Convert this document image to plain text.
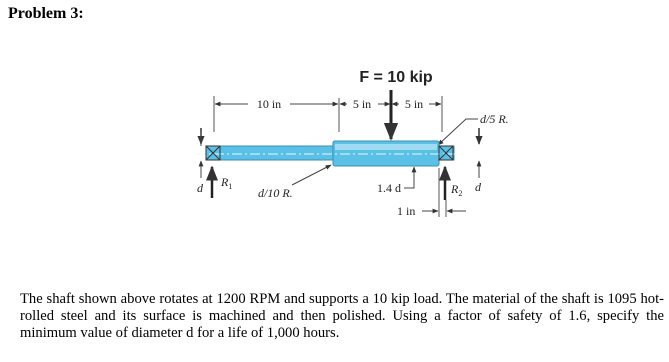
Problem 3:
F = 10 kip
10 in	5 in	5 in
d/5 R.
$R_1$	$R_2$
d	d
d/10 R.	1.4 d
1 in

The shaft shown above rotates at 1200 RPM and supports a 10 kip load. The material of the shaft is 1095 hot-rolled steel and its surface is machined and then polished. Using a factor of safety of 1.6, specify the minimum value of diameter d for a life of 1,000 hours.
